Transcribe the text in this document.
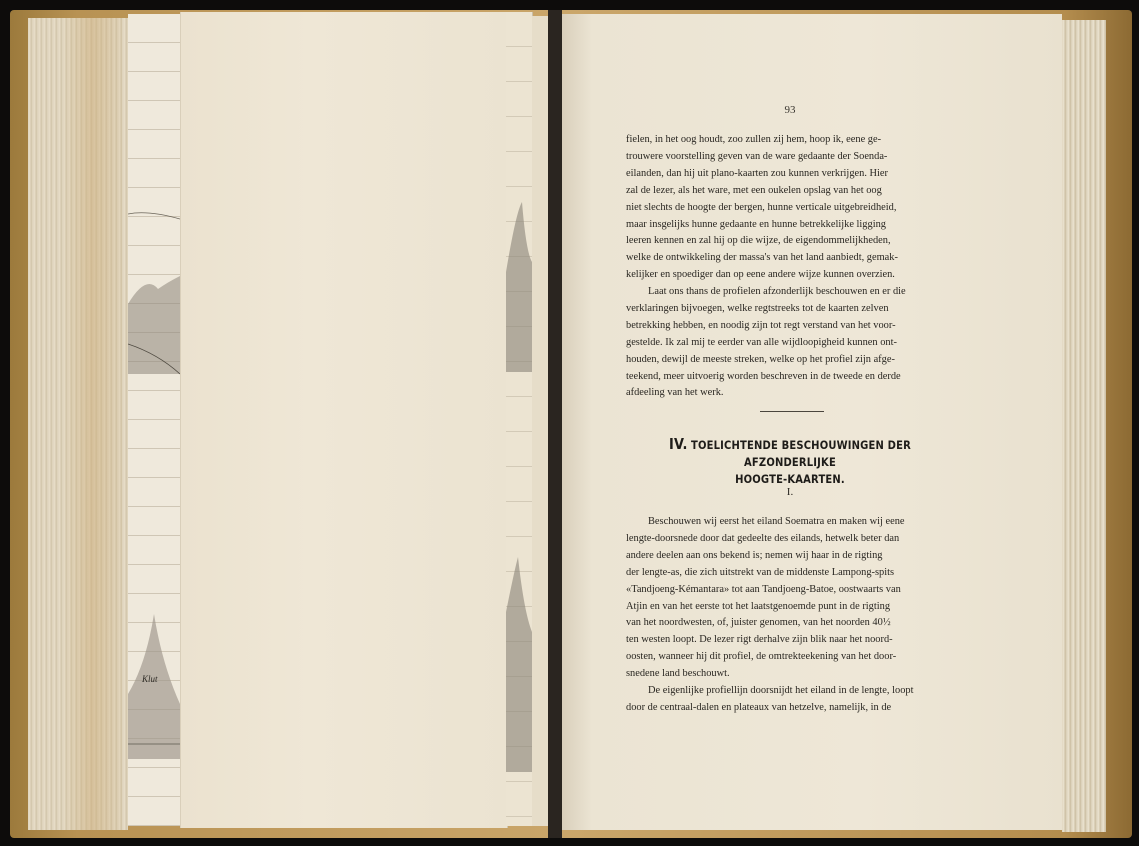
Klut
93

fielen, in het oog houdt, zoo zullen zij hem, hoop ik, eene ge-

trouwere voorstelling geven van de ware gedaante der Soenda-

eilanden, dan hij uit plano-kaarten zou kunnen verkrijgen. Hier

zal de lezer, als het ware, met een oukelen opslag van het oog

niet slechts de hoogte der bergen, hunne verticale uitgebreidheid,

maar insgelijks hunne gedaante en hunne betrekkelijke ligging

leeren kennen en zal hij op die wijze, de eigendommelijkheden,

welke de ontwikkeling der massa's van het land aanbiedt, gemak-

kelijker en spoediger dan op eene andere wijze kunnen overzien.

Laat ons thans de profielen afzonderlijk beschouwen en er die

verklaringen bijvoegen, welke regtstreeks tot de kaarten zelven

betrekking hebben, en noodig zijn tot regt verstand van het voor-

gestelde. Ik zal mij te eerder van alle wijdloopigheid kunnen ont-

houden, dewijl de meeste streken, welke op het profiel zijn afge-

teekend, meer uitvoerig worden beschreven in de tweede en derde

afdeeling van het werk.

IV. TOELICHTENDE BESCHOUWINGEN DER AFZONDERLIJKE
HOOGTE-KAARTEN.
I.

Beschouwen wij eerst het eiland Soematra en maken wij eene

lengte-doorsnede door dat gedeelte des eilands, hetwelk beter dan

andere deelen aan ons bekend is; nemen wij haar in de rigting

der lengte-as, die zich uitstrekt van de middenste Lampong-spits

«Tandjoeng-Kémantara» tot aan Tandjoeng-Batoe, oostwaarts van

Atjin en van het eerste tot het laatstgenoemde punt in de rigting

van het noordwesten, of, juister genomen, van het noorden 40½

ten westen loopt. De lezer rigt derhalve zijn blik naar het noord-

oosten, wanneer hij dit profiel, de omtrekteekening van het door-

snedene land beschouwt.

De eigenlijke profiellijn doorsnijdt het eiland in de lengte, loopt

door de centraal-dalen en plateaux van hetzelve, namelijk, in de
